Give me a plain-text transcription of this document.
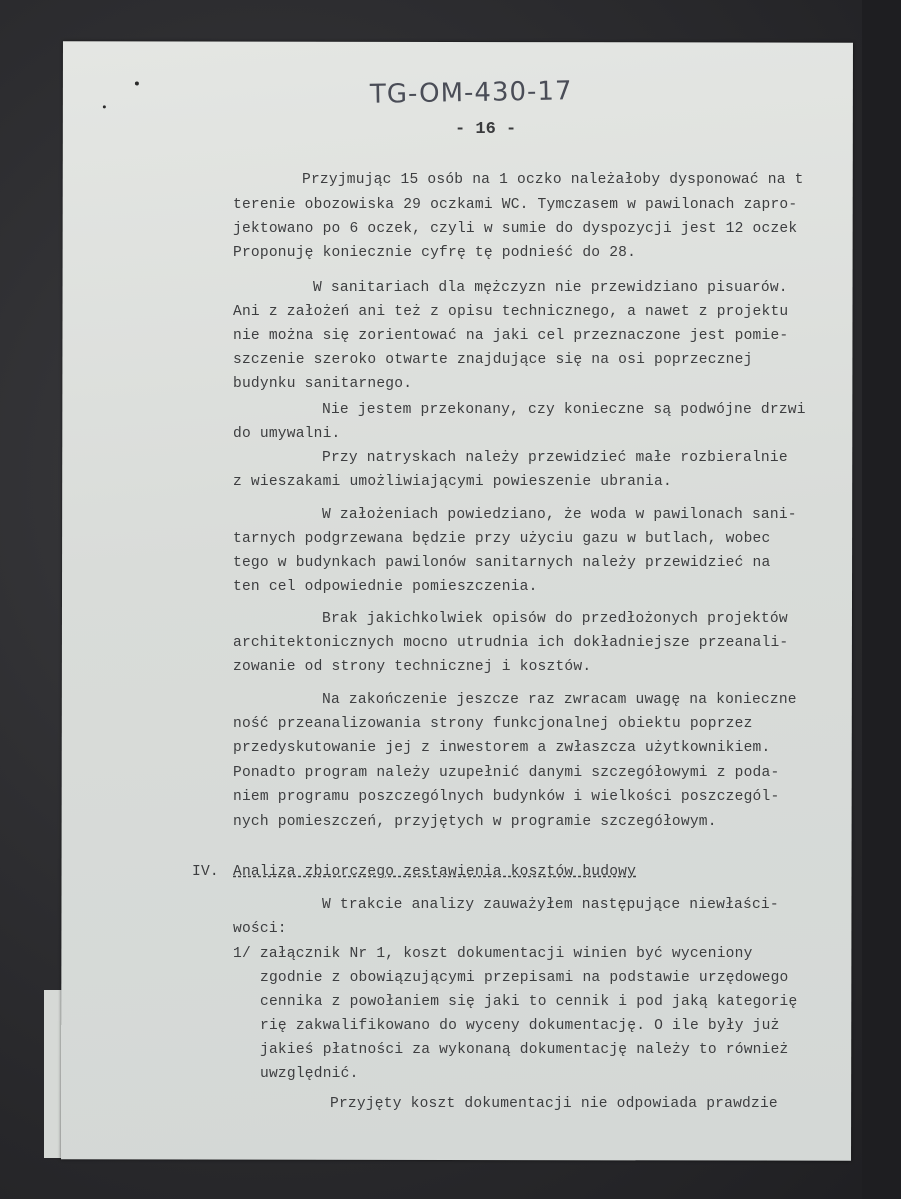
TG-OM-430-17
- 16 -
Przyjmując 15 osób na 1 oczko należałoby dysponować na t
terenie obozowiska 29 oczkami WC. Tymczasem w pawilonach zapro-
jektowano po 6 oczek, czyli w sumie do dyspozycji jest 12 oczek
Proponuję koniecznie cyfrę tę podnieść do 28.
W sanitariach dla mężczyzn nie przewidziano pisuarów.
Ani z założeń ani też z opisu technicznego, a nawet z projektu
nie można się zorientować na jaki cel przeznaczone jest pomie-
szczenie szeroko otwarte znajdujące się na osi poprzecznej
budynku sanitarnego.
Nie jestem przekonany, czy konieczne są podwójne drzwi
do umywalni.
Przy natryskach należy przewidzieć małe rozbieralnie
z wieszakami umożliwiającymi powieszenie ubrania.
W założeniach powiedziano, że woda w pawilonach sani-
tarnych podgrzewana będzie przy użyciu gazu w butlach, wobec
tego w budynkach pawilonów sanitarnych należy przewidzieć na
ten cel odpowiednie pomieszczenia.
Brak jakichkolwiek opisów do przedłożonych projektów
architektonicznych mocno utrudnia ich dokładniejsze przeanali-
zowanie od strony technicznej i kosztów.
Na zakończenie jeszcze raz zwracam uwagę na konieczne
ność przeanalizowania strony funkcjonalnej obiektu poprzez
przedyskutowanie jej z inwestorem a zwłaszcza użytkownikiem.
Ponadto program należy uzupełnić danymi szczegółowymi z poda-
niem programu poszczególnych budynków i wielkości poszczegól-
nych pomieszczeń, przyjętych w programie szczegółowym.
IV. Analiza zbiorczego zestawienia kosztów budowy
W trakcie analizy zauważyłem następujące niewłaści-
wości:
1/ załącznik Nr 1, koszt dokumentacji winien być wyceniony
zgodnie z obowiązującymi przepisami na podstawie urzędowego
cennika z powołaniem się jaki to cennik i pod jaką kategorię
rię zakwalifikowano do wyceny dokumentację. O ile były już
jakieś płatności za wykonaną dokumentację należy to również
uwzględnić.
Przyjęty koszt dokumentacji nie odpowiada prawdzie
